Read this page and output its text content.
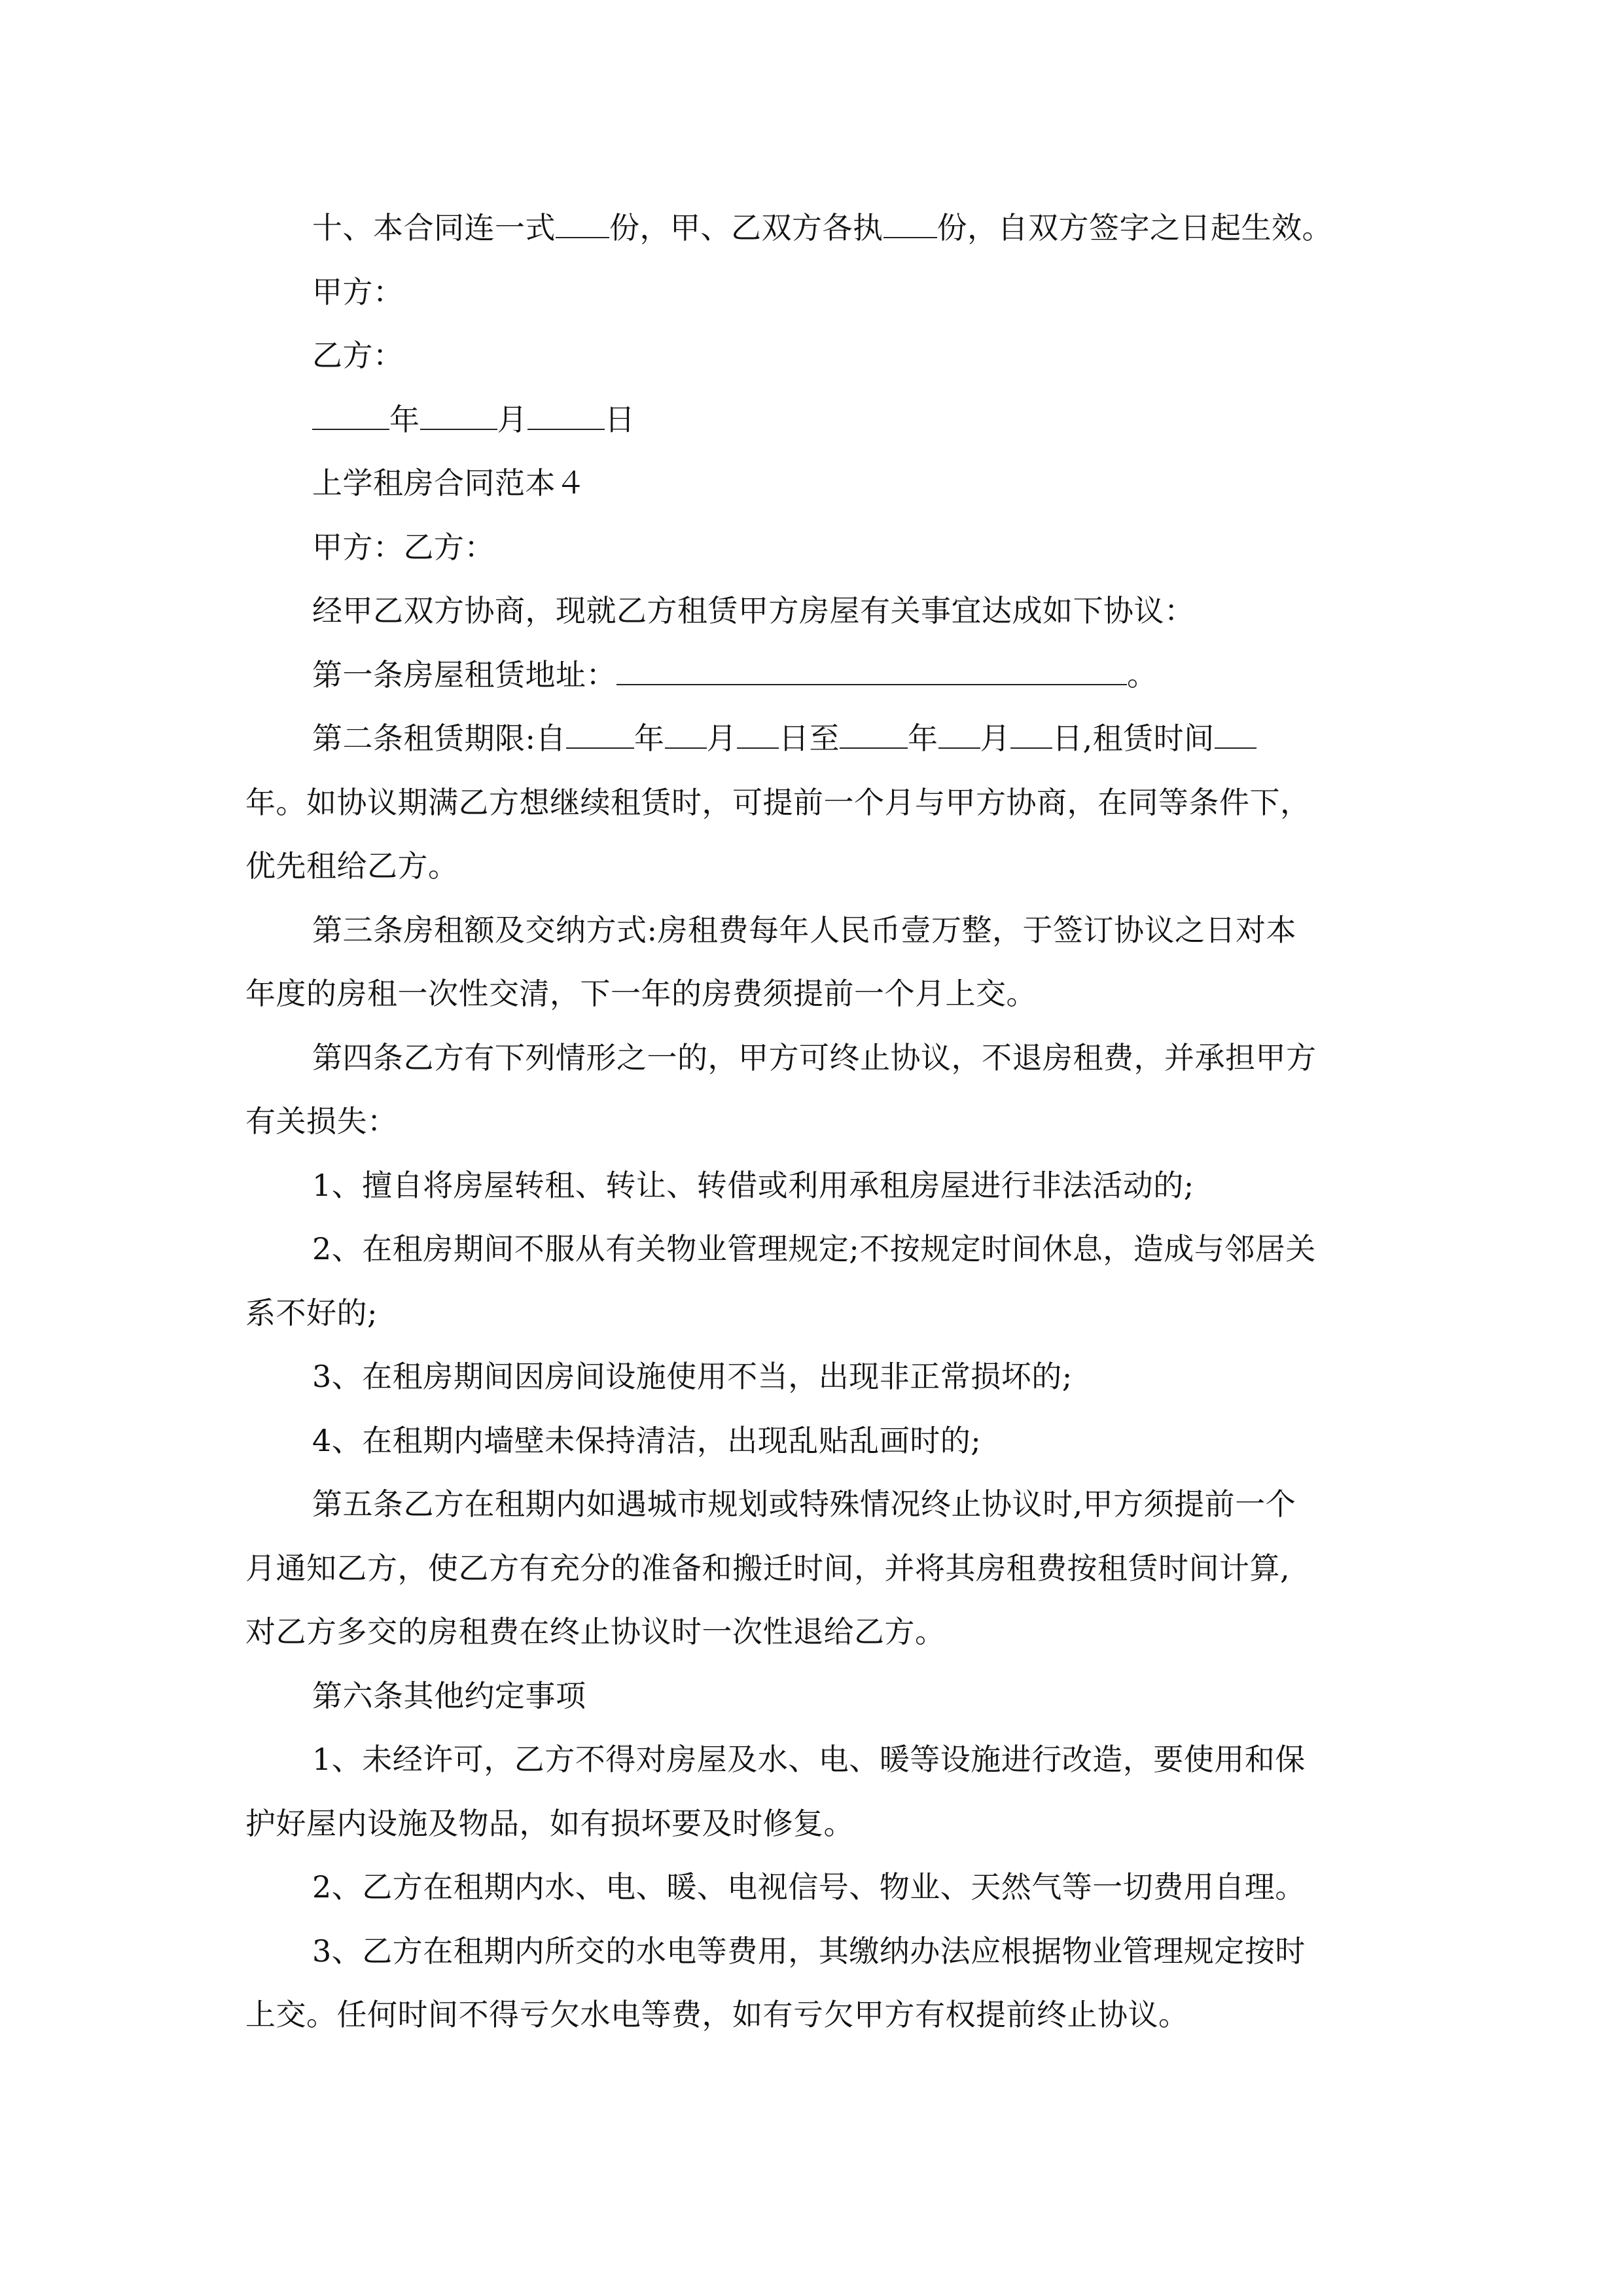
十、本合同连一式 份，甲、乙双方各执 份，自双方签字之日起生效。
甲方：
乙方：
年	月	日
上学租房合同范本４
甲方：乙方：
经甲乙双方协商，现就乙方租赁甲方房屋有关事宜达成如下协议：
第一条房屋租赁地址：	。
第二条租赁期限:自 年 月 日至 年 月 日,租赁时间
年。如协议期满乙方想继续租赁时，可提前一个月与甲方协商，在同等条件下，
优先租给乙方。
第三条房租额及交纳方式:房租费每年人民币壹万整，于签订协议之日对本
年度的房租一次性交清，下一年的房费须提前一个月上交。
第四条乙方有下列情形之一的，甲方可终止协议，不退房租费，并承担甲方
有关损失：
1、擅自将房屋转租、转让、转借或利用承租房屋进行非法活动的;
2、在租房期间不服从有关物业管理规定;不按规定时间休息，造成与邻居关
系不好的;
3、在租房期间因房间设施使用不当，出现非正常损坏的;
4、在租期内墙壁未保持清洁，出现乱贴乱画时的;
第五条乙方在租期内如遇城市规划或特殊情况终止协议时,甲方须提前一个
月通知乙方，使乙方有充分的准备和搬迁时间，并将其房租费按租赁时间计算,
对乙方多交的房租费在终止协议时一次性退给乙方。
第六条其他约定事项
1、未经许可，乙方不得对房屋及水、电、暖等设施进行改造，要使用和保
护好屋内设施及物品，如有损坏要及时修复。
2、乙方在租期内水、电、暖、电视信号、物业、天然气等一切费用自理。
3、乙方在租期内所交的水电等费用，其缴纳办法应根据物业管理规定按时
上交。任何时间不得亏欠水电等费，如有亏欠甲方有权提前终止协议。
